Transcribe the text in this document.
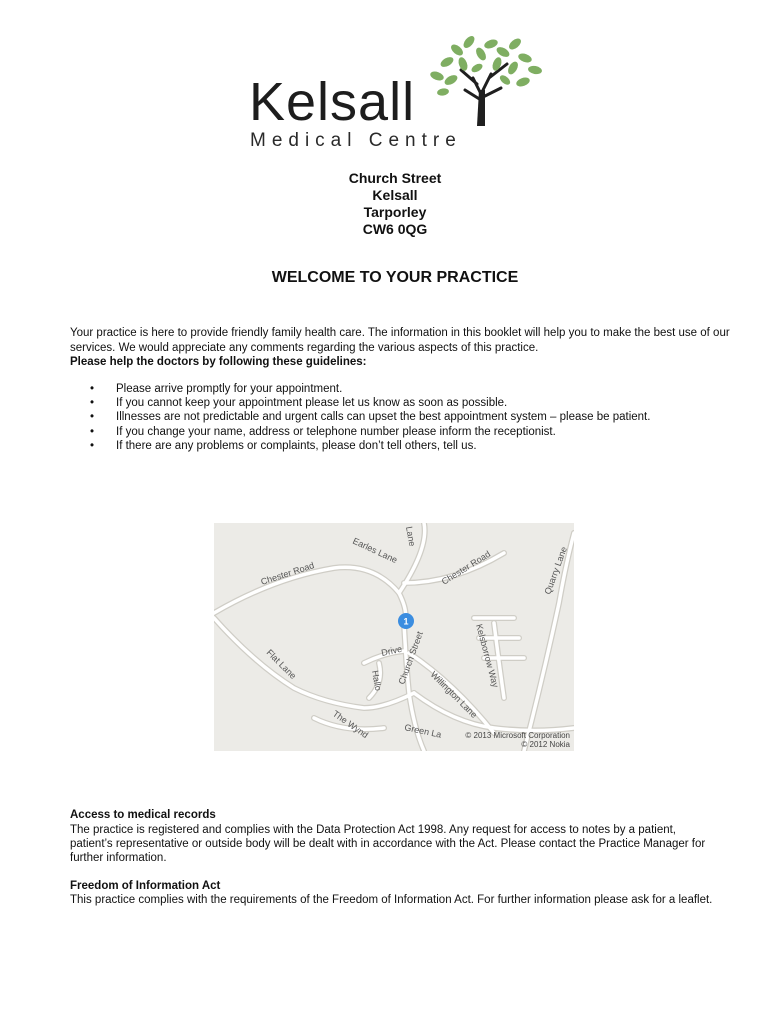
Kelsall
Medical Centre
Church Street
Kelsall
Tarporley
CW6 0QG
WELCOME TO YOUR PRACTICE
Your practice is here to provide friendly family health care. The information in this booklet will help you to make the best use of our services. We would appreciate any comments regarding the various aspects of this practice.
Please help the doctors by following these guidelines:
• Please arrive promptly for your appointment.
• If you cannot keep your appointment please let us know as soon as possible.
• Illnesses are not predictable and urgent calls can upset the best appointment system – please be patient.
• If you change your name, address or telephone number please inform the receptionist.
• If there are any problems or complaints, please don’t tell others, tell us.
Chester Road
Earles Lane Lane
Chester Road	Quarry Lane
Church Street
Drive
Hallo	Kelsborrow Way
Willington Lane
Flat Lane
The Wynd	Green La
1
© 2013 Microsoft Corporation
© 2012 Nokia
Access to medical records
The practice is registered and complies with the Data Protection Act 1998. Any request for access to notes by a patient, patient’s representative or outside body will be dealt with in accordance with the Act. Please contact the Practice Manager for further information.
Freedom of Information Act
This practice complies with the requirements of the Freedom of Information Act. For further information please ask for a leaflet.
